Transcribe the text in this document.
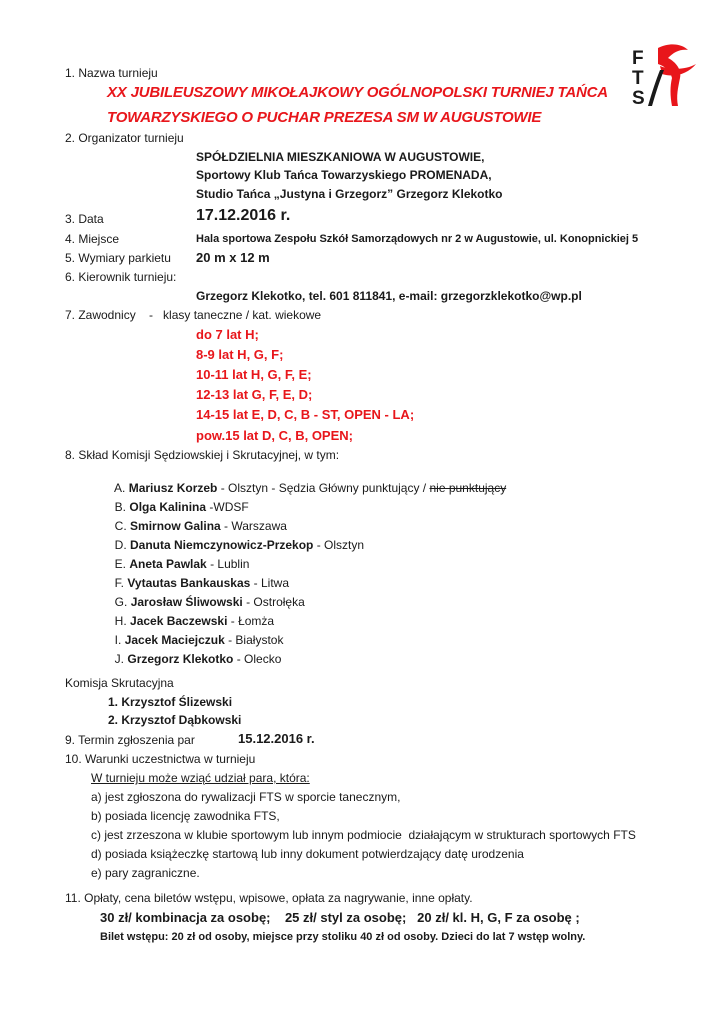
F
T
S
1. Nazwa turnieju
XX JUBILEUSZOWY MIKOŁAJKOWY OGÓLNOPOLSKI TURNIEJ TAŃCA
TOWARZYSKIEGO O PUCHAR PREZESA SM W AUGUSTOWIE
2. Organizator turnieju
SPÓŁDZIELNIA MIESZKANIOWA W AUGUSTOWIE,
Sportowy Klub Tańca Towarzyskiego PROMENADA,
Studio Tańca „Justyna i Grzegorz” Grzegorz Klekotko
3. Data	17.12.2016 r.
4. Miejsce	Hala sportowa Zespołu Szkół Samorządowych nr 2 w Augustowie, ul. Konopnickiej 5
5. Wymiary parkietu 20 m x 12 m
6. Kierownik turnieju:
Grzegorz Klekotko, tel. 601 811841, e-mail: grzegorzklekotko@wp.pl
7. Zawodnicy    -   klasy taneczne / kat. wiekowe
do 7 lat H;
8-9 lat H, G, F;
10-11 lat H, G, F, E;
12-13 lat G, F, E, D;
14-15 lat E, D, C, B - ST, OPEN - LA;
pow.15 lat D, C, B, OPEN;
8. Skład Komisji Sędziowskiej i Skrutacyjnej, w tym:

A. Mariusz Korzeb - Olsztyn - Sędzia Główny punktujący / nie punktujący

B. Olga Kalinina -WDSF

C. Smirnow Galina - Warszawa

D. Danuta Niemczynowicz-Przekop - Olsztyn

E. Aneta Pawlak - Lublin

F. Vytautas Bankauskas - Litwa

G. Jarosław Śliwowski - Ostrołęka

H. Jacek Baczewski - Łomża

I. Jacek Maciejczuk - Białystok

J. Grzegorz Klekotko - Olecko

Komisja Skrutacyjna
1. Krzysztof Ślizewski
2. Krzysztof Dąbkowski
9. Termin zgłoszenia par	15.12.2016 r.
10. Warunki uczestnictwa w turnieju
W turnieju może wziąć udział para, która:
a) jest zgłoszona do rywalizacji FTS w sporcie tanecznym,
b) posiada licencję zawodnika FTS,
c) jest zrzeszona w klubie sportowym lub innym podmiocie  działającym w strukturach sportowych FTS
d) posiada książeczkę startową lub inny dokument potwierdzający datę urodzenia
e) pary zagraniczne.
11. Opłaty, cena biletów wstępu, wpisowe, opłata za nagrywanie, inne opłaty.
30 zł/ kombinacja za osobę;    25 zł/ styl za osobę;   20 zł/ kl. H, G, F za osobę ;
Bilet wstępu: 20 zł od osoby, miejsce przy stoliku 40 zł od osoby. Dzieci do lat 7 wstęp wolny.
